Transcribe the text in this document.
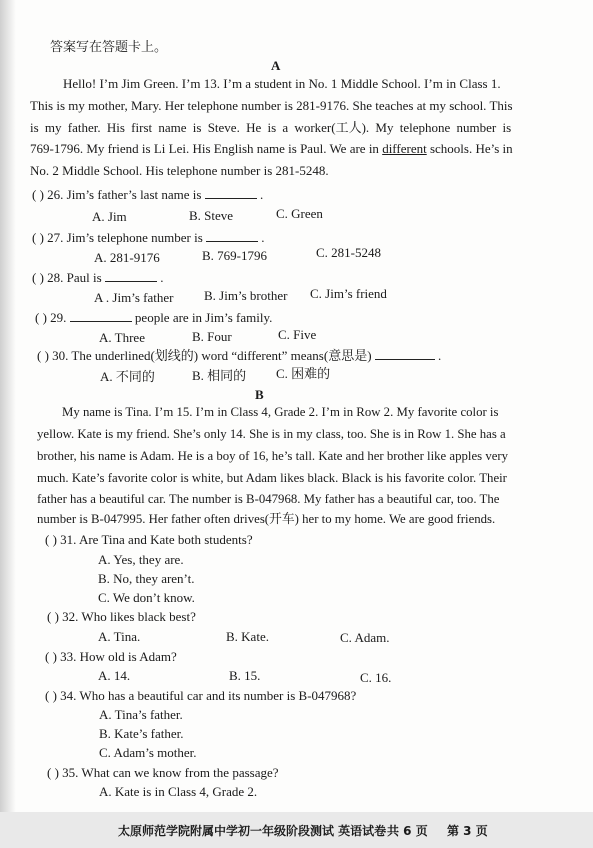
答案写在答题卡上。
A
Hello! I’m Jim Green. I’m 13. I’m a student in No. 1 Middle School. I’m in Class 1.
This is my mother, Mary. Her telephone number is 281-9176. She teaches at my school. This
is my father. His first name is Steve. He is a worker(工人). My telephone number is
769-1796. My friend is Li Lei. His English name is Paul. We are in different schools. He’s in
No. 2 Middle School. His telephone number is 281-5248.
( ) 26. Jim’s father’s last name is	.
A. Jim	B. Steve	C. Green
( ) 27. Jim’s telephone number is	.
A. 281-9176	B. 769-1796	C. 281-5248
( ) 28. Paul is	.
A . Jim’s father B. Jim’s brother C. Jim’s friend
( ) 29.	people are in Jim’s family.
A. Three	B. Four	C. Five
( ) 30. The underlined(划线的) word “different” means(意思是)	.
A. 不同的	B. 相同的 C. 困难的
B
My name is Tina. I’m 15. I’m in Class 4, Grade 2. I’m in Row 2. My favorite color is
yellow. Kate is my friend. She’s only 14. She is in my class, too. She is in Row 1. She has a
brother, his name is Adam. He is a boy of 16, he’s tall. Kate and her brother like apples very
much. Kate’s favorite color is white, but Adam likes black. Black is his favorite color. Their
father has a beautiful car. The number is B-047968. My father has a beautiful car, too. The
number is B-047995. Her father often drives(开车) her to my home. We are good friends.
( ) 31. Are Tina and Kate both students?
A. Yes, they are.
B. No, they aren’t.
C. We don’t know.
( ) 32. Who likes black best?
A. Tina.	B. Kate.	C. Adam.
( ) 33. How old is Adam?
A. 14.	B. 15.	C. 16.
( ) 34. Who has a beautiful car and its number is B-047968?
A. Tina’s father.
B. Kate’s father.
C. Adam’s mother.
( ) 35. What can we know from the passage?
A. Kate is in Class 4, Grade 2.
太原师范学院附属中学初一年级阶段测试 英语试卷 共 6 页 第 3 页
